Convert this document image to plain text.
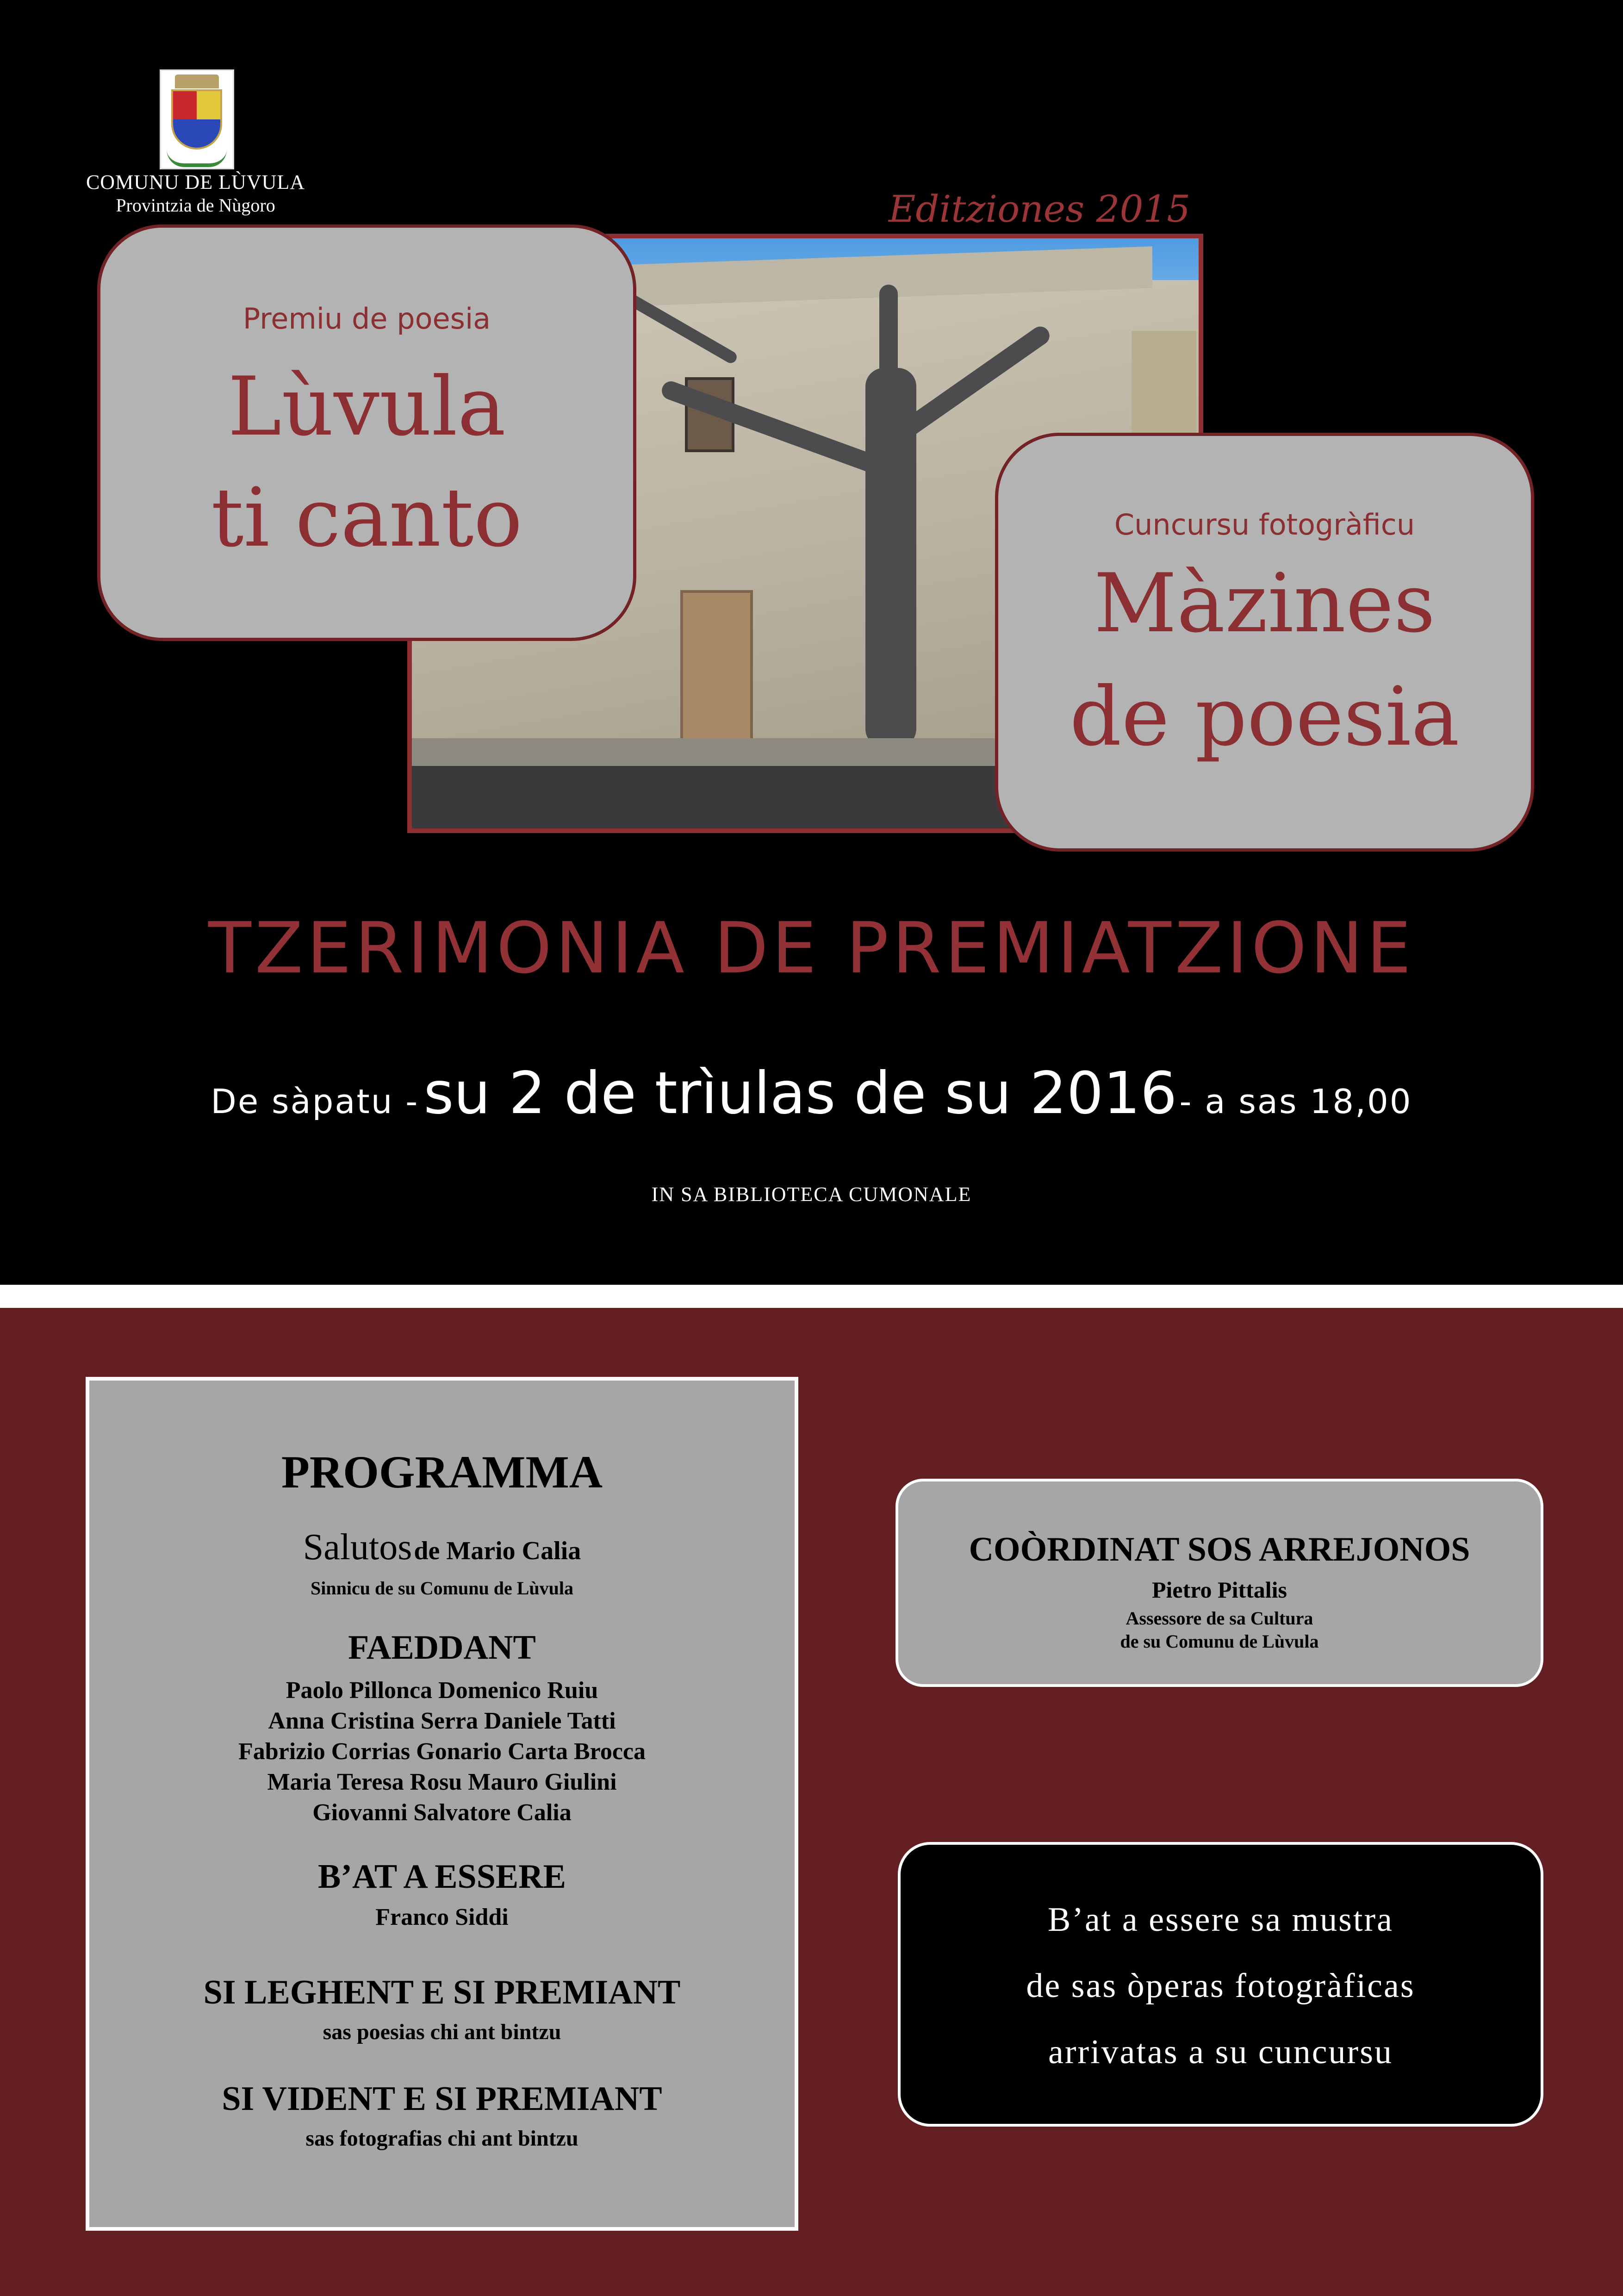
COMUNU DE LÙVULA
Provintzia de Nùgoro	Editziones 2015
Premiu de poesia
Lùvula
ti canto	Cuncursu fotogràficu
Màzines
de poesia
TZERIMONIA DE PREMIATZIONE
De sàpatu -  su 2 de trìulas de su 2016 - a sas 18,00
IN SA BIBLIOTECA CUMONALE
PROGRAMMA
Salutos de Mario Calia
Sinnicu de su Comunu de Lùvula
FAEDDANT
Paolo Pillonca Domenico Ruiu
Anna Cristina Serra Daniele Tatti
Fabrizio Corrias Gonario Carta Brocca
Maria Teresa Rosu Mauro Giulini
Giovanni Salvatore Calia
B’AT A ESSERE
Franco Siddi
SI LEGHENT E SI PREMIANT
sas poesias chi ant bintzu
SI VIDENT E SI PREMIANT
sas fotografias chi ant bintzu
COÒRDINAT SOS ARREJONOS
Pietro Pittalis
Assessore de sa Cultura
de su Comunu de Lùvula
B’at a essere sa mustra
de sas òperas fotogràficas
arrivatas a su cuncursu
